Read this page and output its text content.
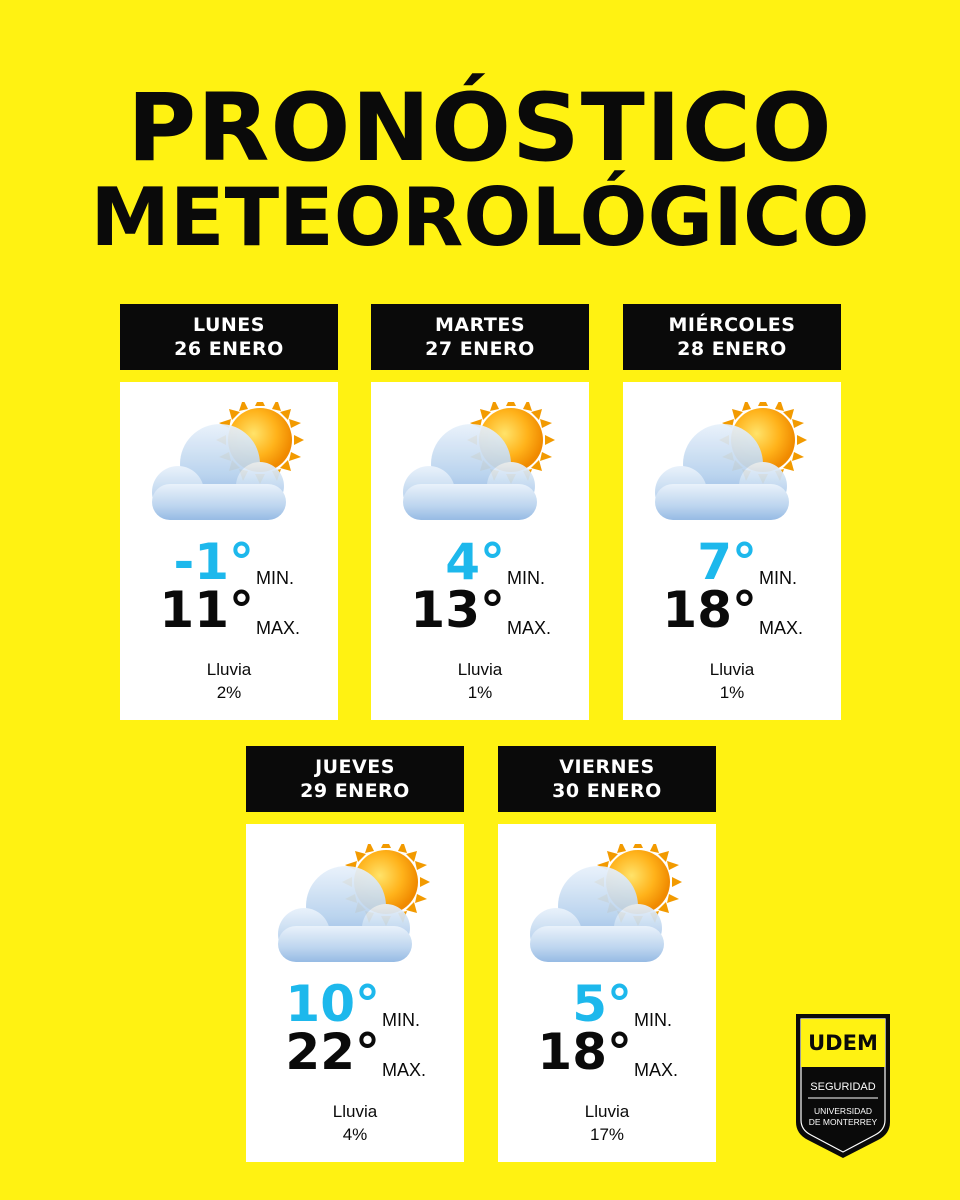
PRONÓSTICO
METEOROLÓGICO
LUNES
26 ENERO
-1° MIN.
11° MAX.
Lluvia
2%
MARTES
27 ENERO
4° MIN.
13° MAX.
Lluvia
1%
MIÉRCOLES
28 ENERO
7° MIN.
18° MAX.
Lluvia
1%
JUEVES
29 ENERO
10° MIN.
22° MAX.
Lluvia
4%
VIERNES
30 ENERO
5° MIN.
18° MAX.
Lluvia
17%
UDEM
SEGURIDAD
UNIVERSIDAD
DE MONTERREY
